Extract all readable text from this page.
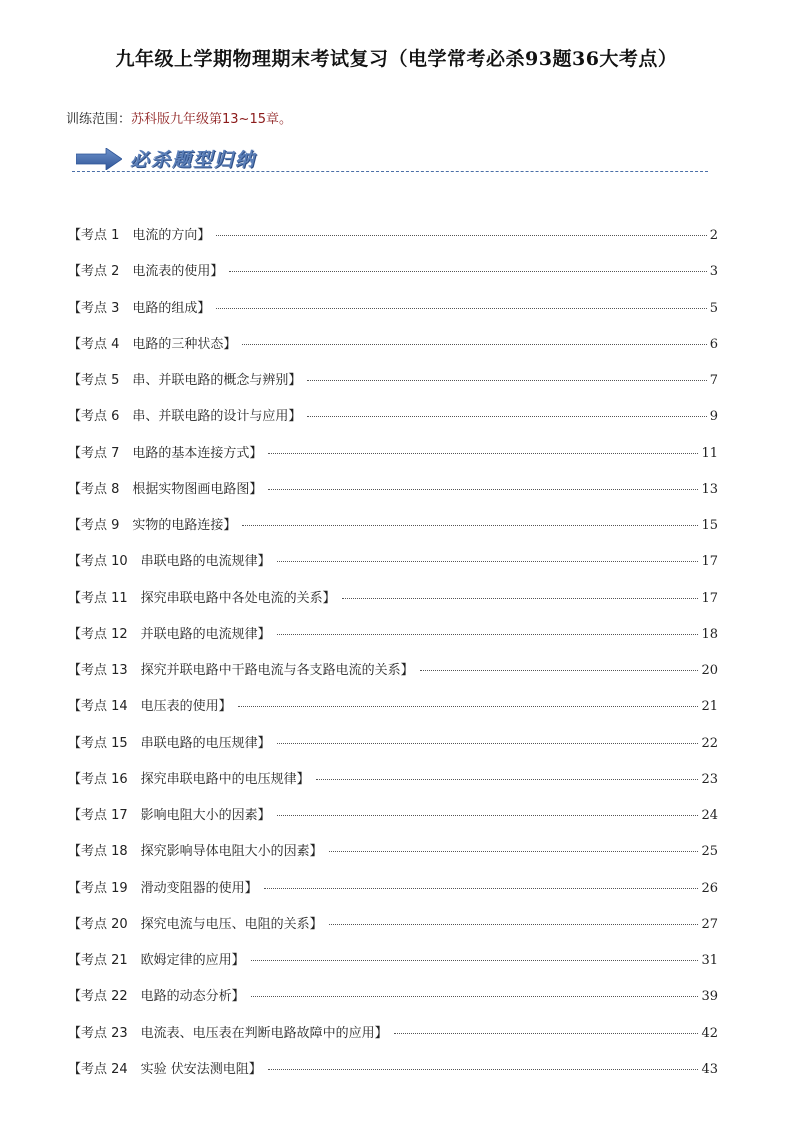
九年级上学期物理期末考试复习（电学常考必杀93题36大考点）
训练范围：苏科版九年级第13~15章。
必杀题型归纳
【考点 1　电流的方向】	2
【考点 2　电流表的使用】	3
【考点 3　电路的组成】	5
【考点 4　电路的三种状态】	6
【考点 5　串、并联电路的概念与辨别】	7
【考点 6　串、并联电路的设计与应用】	9
【考点 7　电路的基本连接方式】	11
【考点 8　根据实物图画电路图】	13
【考点 9　实物的电路连接】	15
【考点 10　串联电路的电流规律】	17
【考点 11　探究串联电路中各处电流的关系】	17
【考点 12　并联电路的电流规律】	18
【考点 13　探究并联电路中干路电流与各支路电流的关系】	20
【考点 14　电压表的使用】	21
【考点 15　串联电路的电压规律】	22
【考点 16　探究串联电路中的电压规律】	23
【考点 17　影响电阻大小的因素】	24
【考点 18　探究影响导体电阻大小的因素】	25
【考点 19　滑动变阻器的使用】	26
【考点 20　探究电流与电压、电阻的关系】	27
【考点 21　欧姆定律的应用】	31
【考点 22　电路的动态分析】	39
【考点 23　电流表、电压表在判断电路故障中的应用】	42
【考点 24　实验 伏安法测电阻】	43
